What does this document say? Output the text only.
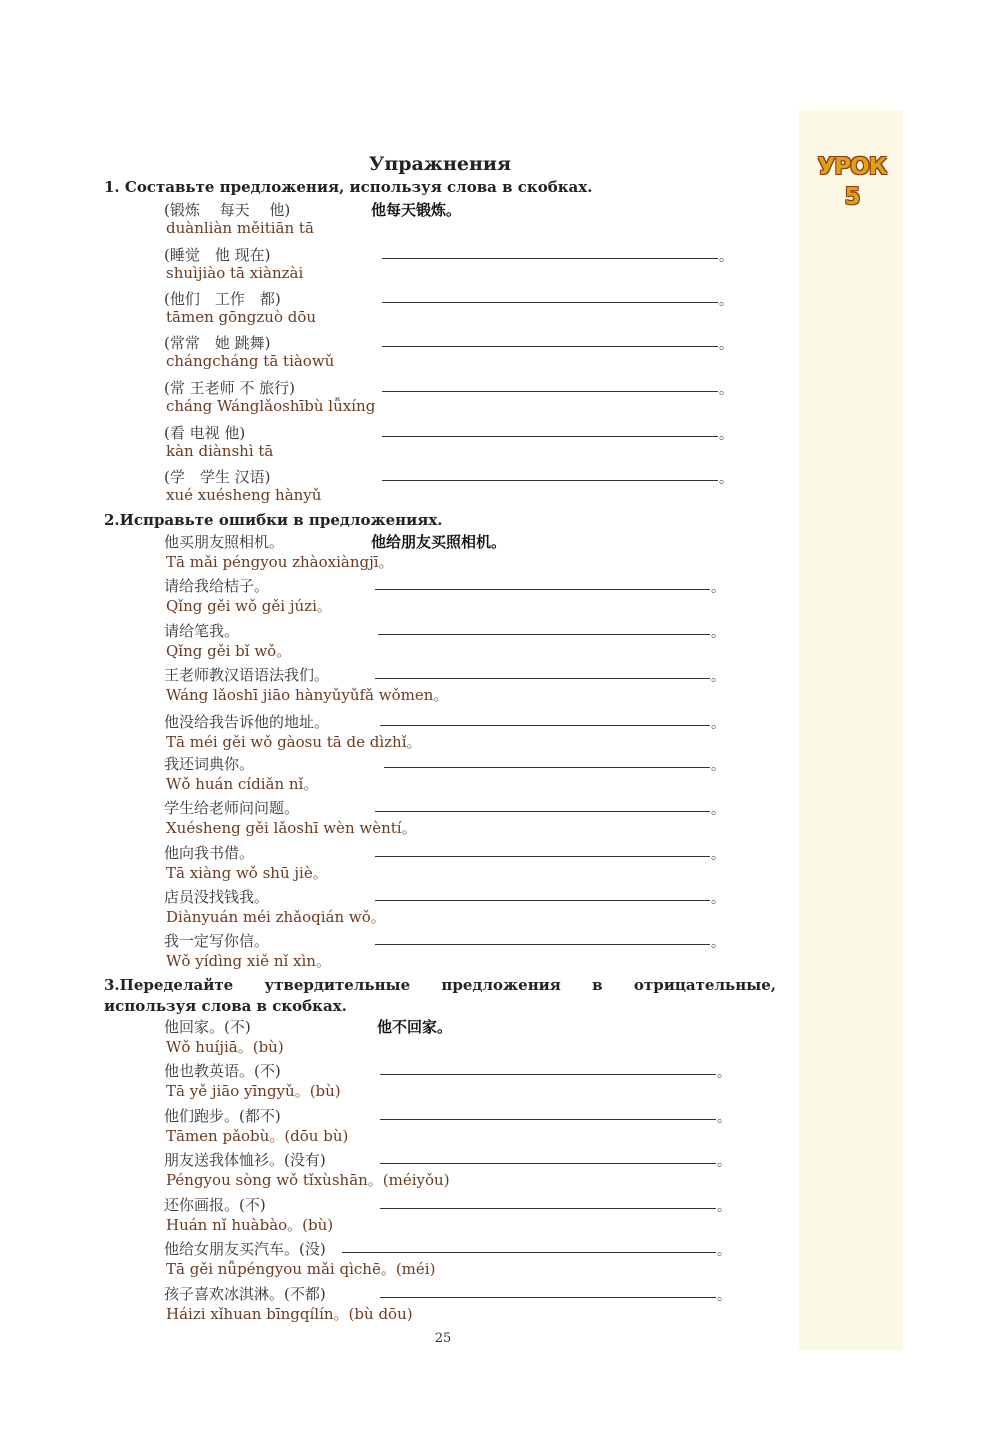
УРОК
5
Упражнения
1. Составьте предложения, используя слова в скобках.
(锻炼　 每天　 他)
duànliàn měitiān tā
他每天锻炼。
(睡觉　他 现在)
shuìjiào tā xiànzài
。
(他们　工作　都)
tāmen gōngzuò dōu
。
(常常　她 跳舞)
chángcháng tā tiàowǔ
。
(常 王老师 不 旅行)
cháng Wánglǎoshībù lǚxíng
。
(看 电视 他)
kàn diànshì tā
。
(学　学生 汉语)
xué xuésheng hànyǔ
。
2.Исправьте ошибки в предложениях.
他买朋友照相机。
Tā mǎi péngyou zhàoxiàngjī。
他给朋友买照相机。
请给我给桔子。
Qǐng gěi wǒ gěi júzi。
。
请给笔我。
Qǐng gěi bǐ wǒ。
。
王老师教汉语语法我们。
Wáng lǎoshī jiāo hànyǔyǔfǎ wǒmen。
。
他没给我告诉他的地址。
Tā méi gěi wǒ gàosu tā de dìzhǐ。
。
我还词典你。
Wǒ huán cídiǎn nǐ。
。
学生给老师问问题。
Xuésheng gěi lǎoshī wèn wèntí。
。
他向我书借。
Tā xiàng wǒ shū jiè。
。
店员没找钱我。
Diànyuán méi zhǎoqián wǒ。
。
我一定写你信。
Wǒ yídìng xiě nǐ xìn。
。
3.Переделайте утвердительные предложения в отрицательные,
используя слова в скобках.
他回家。(不)
Wǒ huíjiā。(bù)
他不回家。
他也教英语。(不)
Tā yě jiāo yīngyǔ。(bù)
。
他们跑步。(都不)
Tāmen pǎobù。(dōu bù)
。
朋友送我体恤衫。(没有)
Péngyou sòng wǒ tǐxùshān。(méiyǒu)
。
还你画报。(不)
Huán nǐ huàbào。(bù)
。
他给女朋友买汽车。(没)
Tā gěi nǚpéngyou mǎi qìchē。(méi)
。
孩子喜欢冰淇淋。(不都)
Háizi xǐhuan bīngqílín。(bù dōu)
。
25
